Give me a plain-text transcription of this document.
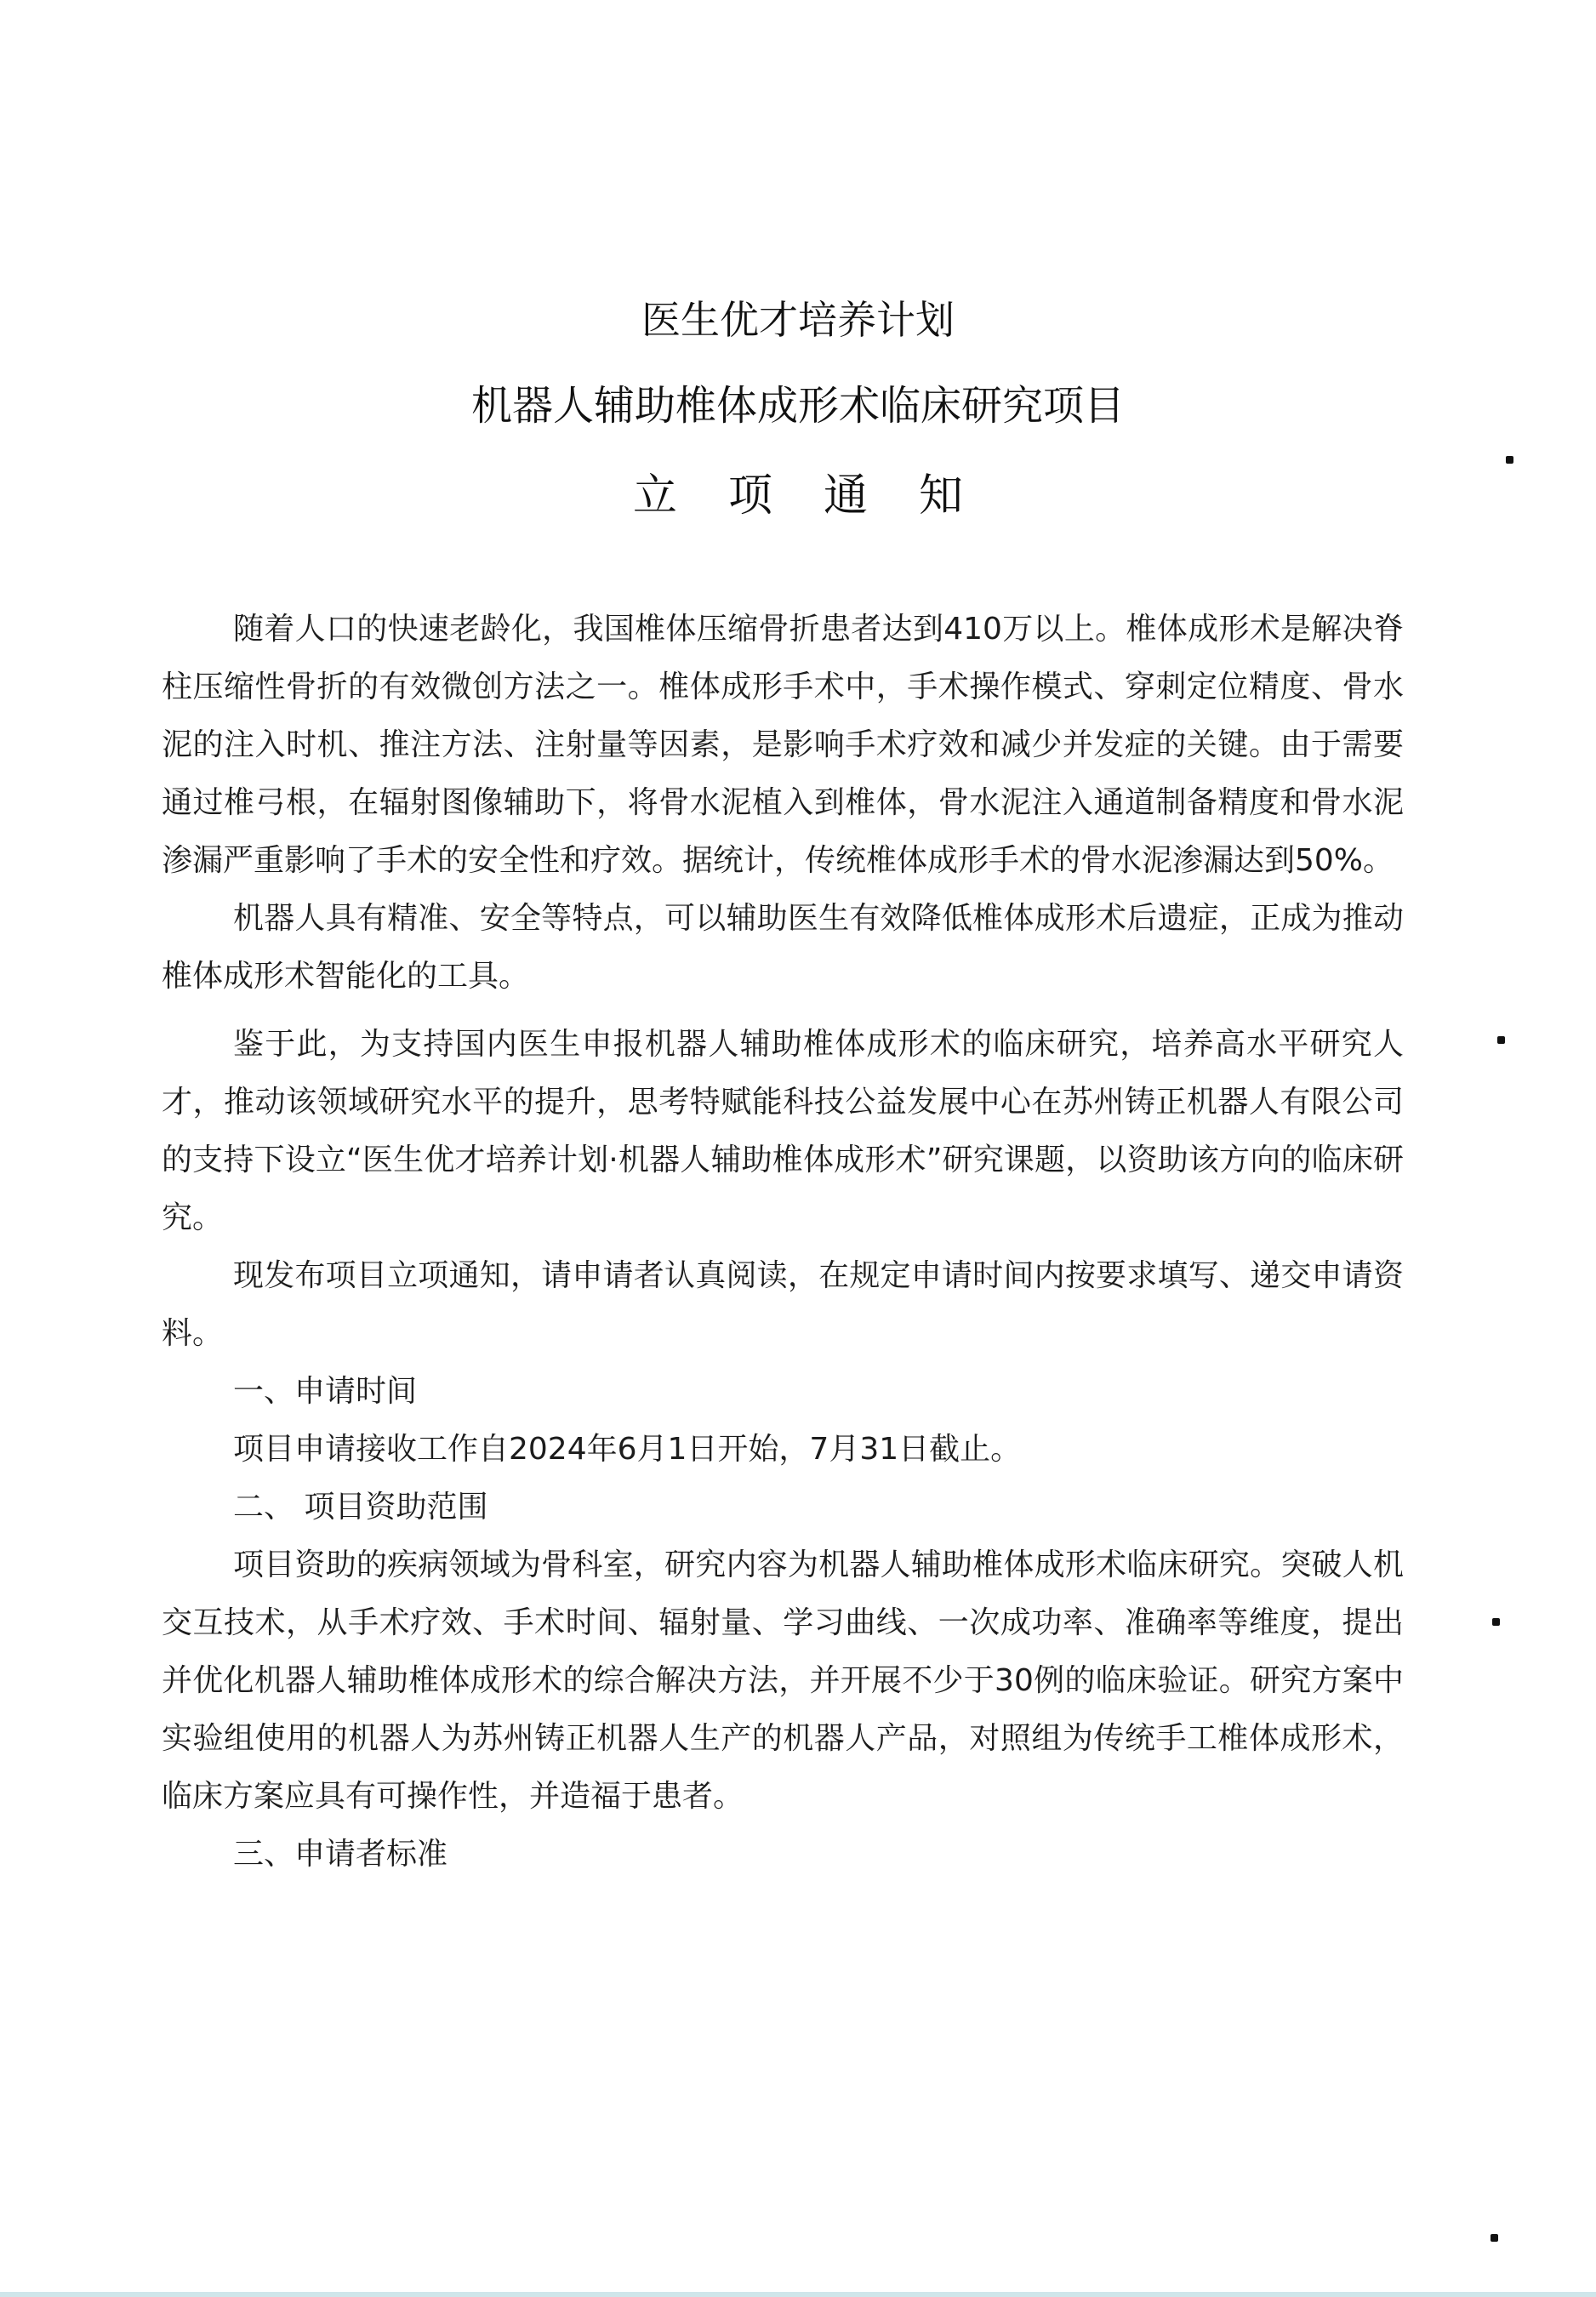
医生优才培养计划
机器人辅助椎体成形术临床研究项目
立项通知

随着人口的快速老龄化，我国椎体压缩骨折患者达到410万以上。椎体成形术是解决脊柱压缩性骨折的有效微创方法之一。椎体成形手术中，手术操作模式、穿刺定位精度、骨水泥的注入时机、推注方法、注射量等因素，是影响手术疗效和减少并发症的关键。由于需要通过椎弓根，在辐射图像辅助下，将骨水泥植入到椎体，骨水泥注入通道制备精度和骨水泥渗漏严重影响了手术的安全性和疗效。据统计，传统椎体成形手术的骨水泥渗漏达到50%。

机器人具有精准、安全等特点，可以辅助医生有效降低椎体成形术后遗症，正成为推动椎体成形术智能化的工具。

鉴于此，为支持国内医生申报机器人辅助椎体成形术的临床研究，培养高水平研究人才，推动该领域研究水平的提升，思考特赋能科技公益发展中心在苏州铸正机器人有限公司的支持下设立“医生优才培养计划·机器人辅助椎体成形术”研究课题，以资助该方向的临床研究。

现发布项目立项通知，请申请者认真阅读，在规定申请时间内按要求填写、递交申请资料。

一、申请时间

项目申请接收工作自2024年6月1日开始，7月31日截止。

二、 项目资助范围

项目资助的疾病领域为骨科室，研究内容为机器人辅助椎体成形术临床研究。突破人机交互技术，从手术疗效、手术时间、辐射量、学习曲线、一次成功率、准确率等维度，提出并优化机器人辅助椎体成形术的综合解决方法，并开展不少于30例的临床验证。研究方案中实验组使用的机器人为苏州铸正机器人生产的机器人产品，对照组为传统手工椎体成形术，临床方案应具有可操作性，并造福于患者。

三、申请者标准
